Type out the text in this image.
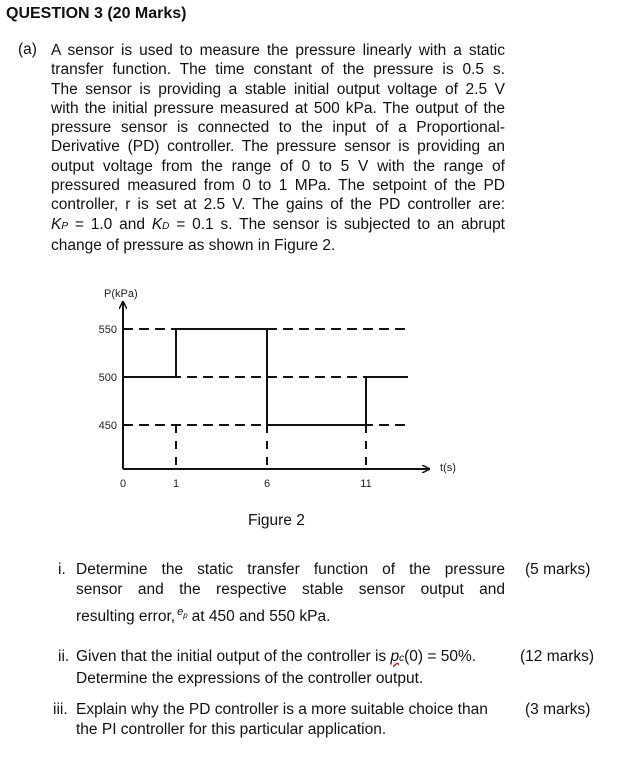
QUESTION 3 (20 Marks)
(a) A sensor is used to measure the pressure linearly with a static
transfer function. The time constant of the pressure is 0.5 s.
The sensor is providing a stable initial output voltage of 2.5 V
with the initial pressure measured at 500 kPa. The output of the
pressure sensor is connected to the input of a Proportional-
Derivative (PD) controller. The pressure sensor is providing an
output voltage from the range of 0 to 5 V with the range of
pressured measured from 0 to 1 MPa. The setpoint of the PD
controller, r is set at 2.5 V. The gains of the PD controller are:
KP = 1.0 and KD = 0.1 s. The sensor is subjected to an abrupt
change of pressure as shown in Figure 2.
P(kPa)
t(s)
550
500
450
0	1	6	11
Figure 2
i. Determine the static transfer function of the pressure
sensor and the respective stable sensor output and
resulting error, $e_p$ at 450 and 550 kPa.
(5 marks)
ii. Given that the initial output of the controller is pc(0) = 50%.
Determine the expressions of the controller output.
(12 marks)
iii. Explain why the PD controller is a more suitable choice than
the PI controller for this particular application.
(3 marks)
